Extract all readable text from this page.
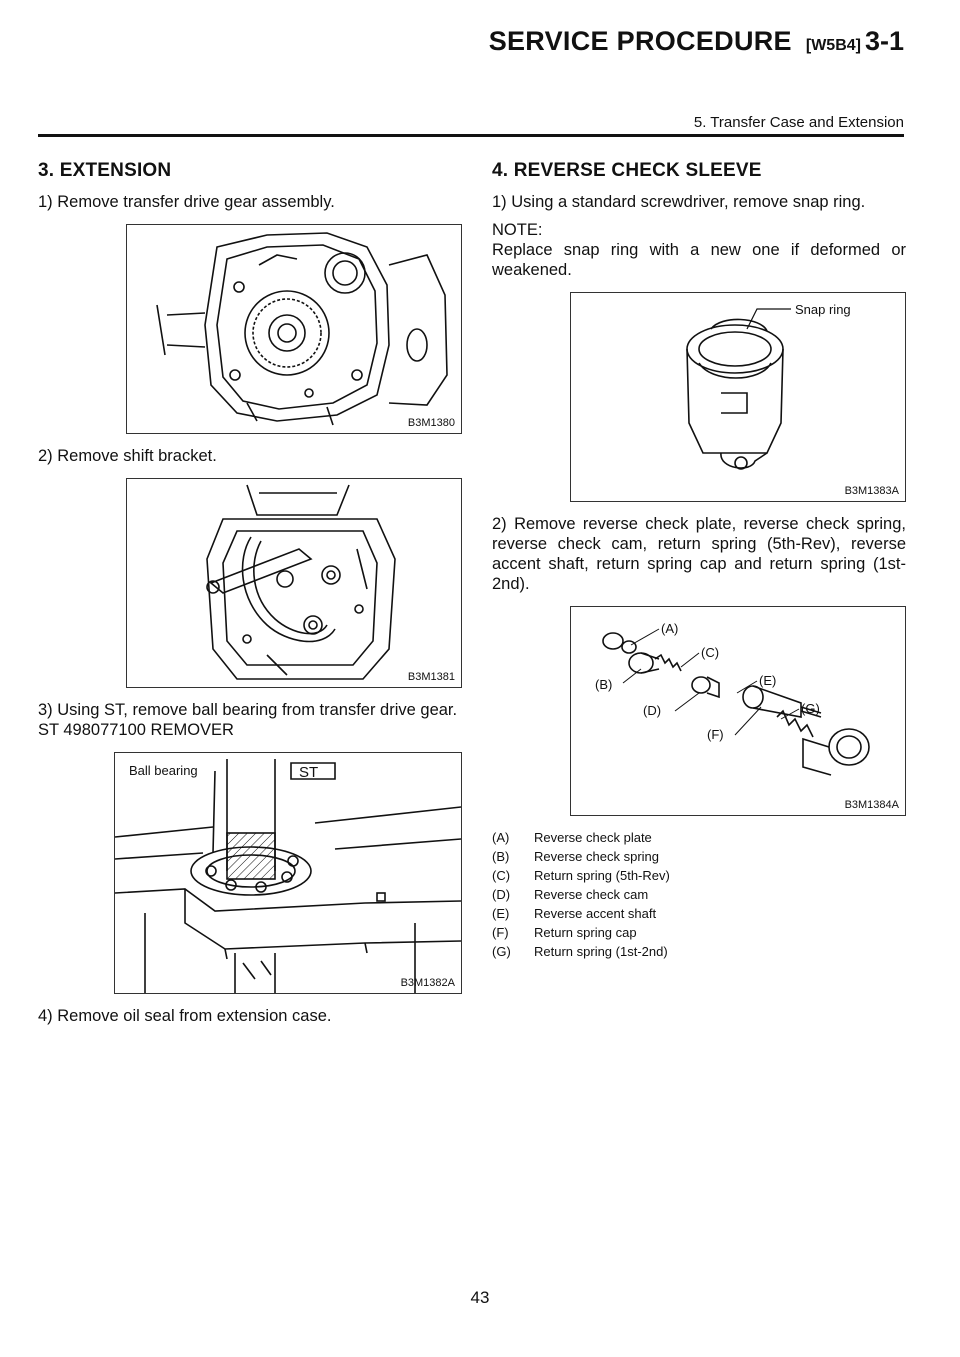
SERVICE PROCEDURE [W5B4] 3-1
5. Transfer Case and Extension
3. EXTENSION

1) Remove transfer drive gear assembly.

B3M1380

2) Remove shift bracket.

B3M1381

3) Using ST, remove ball bearing from transfer drive gear.

ST 498077100 REMOVER

Ball bearing	ST
B3M1382A

4) Remove oil seal from extension case.

4. REVERSE CHECK SLEEVE

1) Using a standard screwdriver, remove snap ring.

NOTE:

Replace snap ring with a new one if deformed or weakened.

Snap ring
B3M1383A

2) Remove reverse check plate, reverse check spring, reverse check cam, return spring (5th-Rev), reverse accent shaft, return spring cap and return spring (1st-2nd).

(A)
(B)
(C)
(D)
(E)
(F)
(G)
B3M1384A
(A)	Reverse check plate
(B)	Reverse check spring
(C)	Return spring (5th-Rev)
(D)	Reverse check cam
(E)	Reverse accent shaft
(F)	Return spring cap
(G)	Return spring (1st-2nd)
43
